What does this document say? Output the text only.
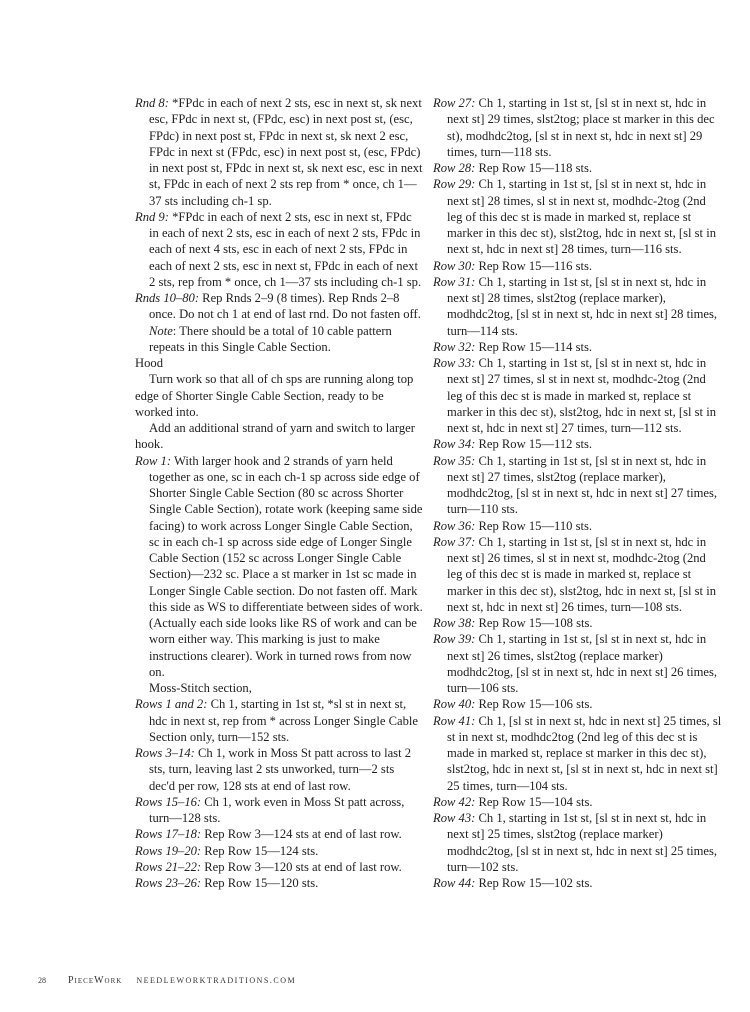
Rnd 8: *FPdc in each of next 2 sts, esc in next st, sk next esc, FPdc in next st, (FPdc, esc) in next post st, (esc, FPdc) in next post st, FPdc in next st, sk next 2 esc, FPdc in next st (FPdc, esc) in next post st, (esc, FPdc) in next post st, FPdc in next st, sk next esc, esc in next st, FPdc in each of next 2 sts rep from * once, ch 1—37 sts including ch-1 sp.

Rnd 9: *FPdc in each of next 2 sts, esc in next st, FPdc in each of next 2 sts, esc in each of next 2 sts, FPdc in each of next 4 sts, esc in each of next 2 sts, FPdc in each of next 2 sts, esc in next st, FPdc in each of next 2 sts, rep from * once, ch 1—37 sts including ch-1 sp.

Rnds 10–80: Rep Rnds 2–9 (8 times). Rep Rnds 2–8 once. Do not ch 1 at end of last rnd. Do not fasten off. Note: There should be a total of 10 cable pattern repeats in this Single Cable Section.

Hood

Turn work so that all of ch sps are running along top edge of Shorter Single Cable Section, ready to be worked into.

Add an additional strand of yarn and switch to larger hook.

Row 1: With larger hook and 2 strands of yarn held together as one, sc in each ch-1 sp across side edge of Shorter Single Cable Section (80 sc across Shorter Single Cable Section), rotate work (keeping same side facing) to work across Longer Single Cable Section, sc in each ch-1 sp across side edge of Longer Single Cable Section (152 sc across Longer Single Cable Section)—232 sc. Place a st marker in 1st sc made in Longer Single Cable section. Do not fasten off. Mark this side as WS to differentiate between sides of work. (Actually each side looks like RS of work and can be worn either way. This marking is just to make instructions clearer). Work in turned rows from now on.

Moss-Stitch section,

Rows 1 and 2: Ch 1, starting in 1st st, *sl st in next st, hdc in next st, rep from * across Longer Single Cable Section only, turn—152 sts.

Rows 3–14: Ch 1, work in Moss St patt across to last 2 sts, turn, leaving last 2 sts unworked, turn—2 sts dec'd per row, 128 sts at end of last row.

Rows 15–16: Ch 1, work even in Moss St patt across, turn—128 sts.

Rows 17–18: Rep Row 3—124 sts at end of last row.

Rows 19–20: Rep Row 15—124 sts.

Rows 21–22: Rep Row 3—120 sts at end of last row.

Rows 23–26: Rep Row 15—120 sts.

Row 27: Ch 1, starting in 1st st, [sl st in next st, hdc in next st] 29 times, slst2tog; place st marker in this dec st), modhdc2tog, [sl st in next st, hdc in next st] 29 times, turn—118 sts.

Row 28: Rep Row 15—118 sts.

Row 29: Ch 1, starting in 1st st, [sl st in next st, hdc in next st] 28 times, sl st in next st, modhdc-2tog (2nd leg of this dec st is made in marked st, replace st marker in this dec st), slst2tog, hdc in next st, [sl st in next st, hdc in next st] 28 times, turn—116 sts.

Row 30: Rep Row 15—116 sts.

Row 31: Ch 1, starting in 1st st, [sl st in next st, hdc in next st] 28 times, slst2tog (replace marker), modhdc2tog, [sl st in next st, hdc in next st] 28 times, turn—114 sts.

Row 32: Rep Row 15—114 sts.

Row 33: Ch 1, starting in 1st st, [sl st in next st, hdc in next st] 27 times, sl st in next st, modhdc-2tog (2nd leg of this dec st is made in marked st, replace st marker in this dec st), slst2tog, hdc in next st, [sl st in next st, hdc in next st] 27 times, turn—112 sts.

Row 34: Rep Row 15—112 sts.

Row 35: Ch 1, starting in 1st st, [sl st in next st, hdc in next st] 27 times, slst2tog (replace marker), modhdc2tog, [sl st in next st, hdc in next st] 27 times, turn—110 sts.

Row 36: Rep Row 15—110 sts.

Row 37: Ch 1, starting in 1st st, [sl st in next st, hdc in next st] 26 times, sl st in next st, modhdc-2tog (2nd leg of this dec st is made in marked st, replace st marker in this dec st), slst2tog, hdc in next st, [sl st in next st, hdc in next st] 26 times, turn—108 sts.

Row 38: Rep Row 15—108 sts.

Row 39: Ch 1, starting in 1st st, [sl st in next st, hdc in next st] 26 times, slst2tog (replace marker) modhdc2tog, [sl st in next st, hdc in next st] 26 times, turn—106 sts.

Row 40: Rep Row 15—106 sts.

Row 41: Ch 1, [sl st in next st, hdc in next st] 25 times, sl st in next st, modhdc2tog (2nd leg of this dec st is made in marked st, replace st marker in this dec st), slst2tog, hdc in next st, [sl st in next st, hdc in next st] 25 times, turn—104 sts.

Row 42: Rep Row 15—104 sts.

Row 43: Ch 1, starting in 1st st, [sl st in next st, hdc in next st] 25 times, slst2tog (replace marker) modhdc2tog, [sl st in next st, hdc in next st] 25 times, turn—102 sts.

Row 44: Rep Row 15—102 sts.

28 PieceWork NEEDLEWORKTRADITIONS.COM
